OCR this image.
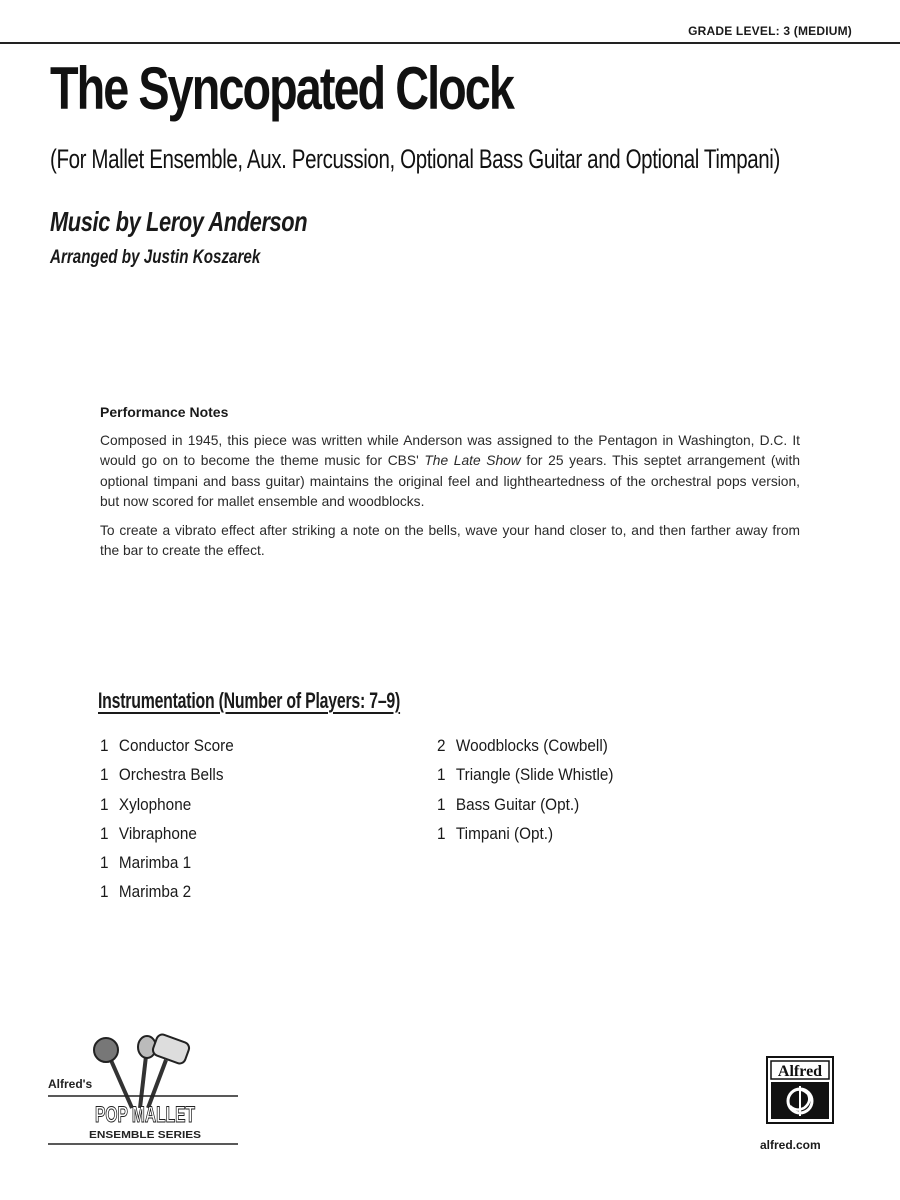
GRADE LEVEL: 3 (MEDIUM)
The Syncopated Clock
(For Mallet Ensemble, Aux. Percussion, Optional Bass Guitar and Optional Timpani)
Music by Leroy Anderson
Arranged by Justin Koszarek
Performance Notes

Composed in 1945, this piece was written while Anderson was assigned to the Pentagon in Washington, D.C. It would go on to become the theme music for CBS' The Late Show for 25 years. This septet arrangement (with optional timpani and bass guitar) maintains the original feel and lightheartedness of the orchestral pops version, but now scored for mallet ensemble and woodblocks.

To create a vibrato effect after striking a note on the bells, wave your hand closer to, and then farther away from the bar to create the effect.

Instrumentation (Number of Players: 7–9)
1 Conductor Score
1 Orchestra Bells
1 Xylophone
1 Vibraphone
1 Marimba 1
1 Marimba 2
2 Woodblocks (Cowbell)
1 Triangle (Slide Whistle)
1 Bass Guitar (Opt.)
1 Timpani (Opt.)
Alfred's
POP MALLET
ENSEMBLE SERIES
Alfred
alfred.com
